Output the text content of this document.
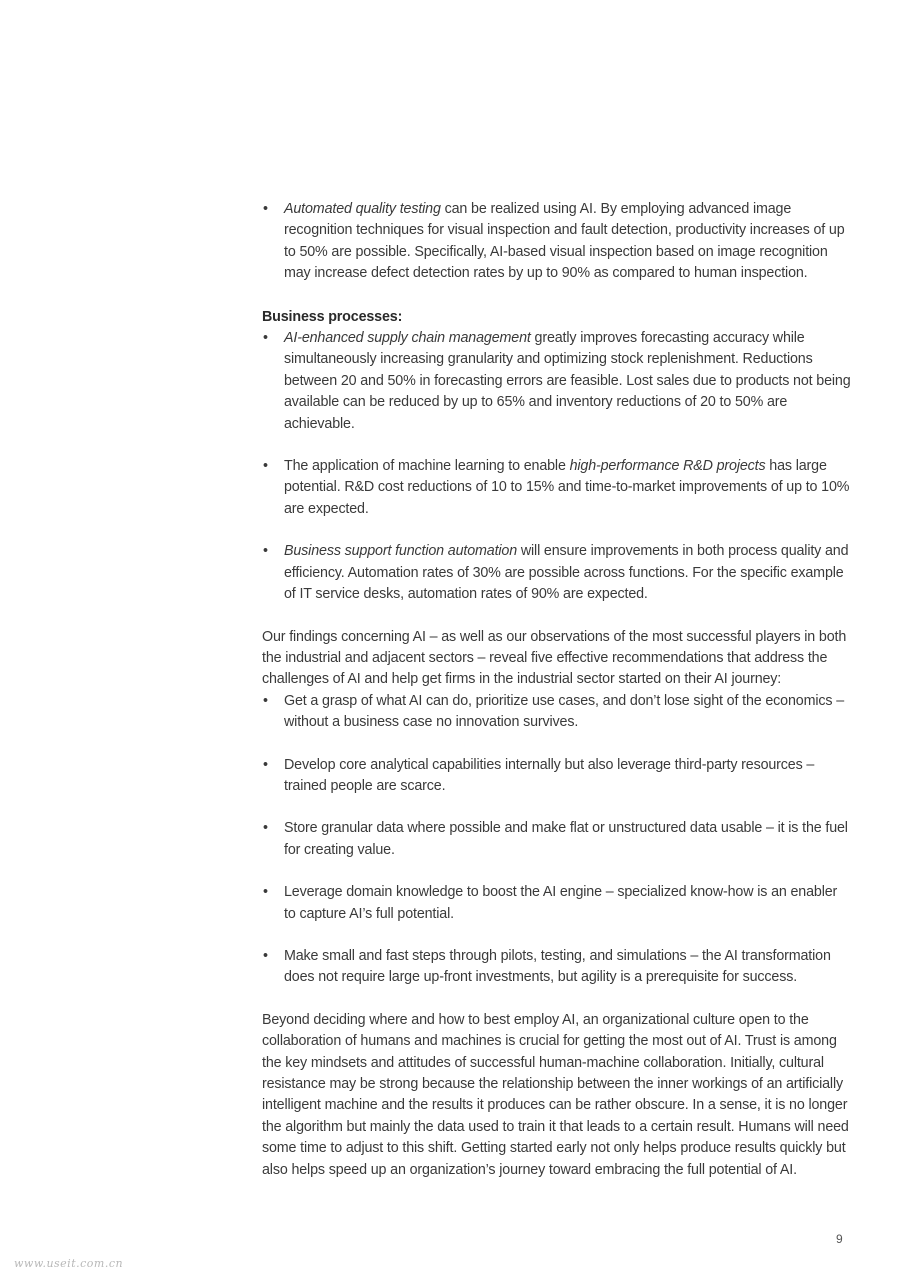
• Automated quality testing can be realized using AI. By employing advanced image recognition techniques for visual inspection and fault detection, productivity increases of up to 50% are possible. Specifically, AI-based visual inspection based on image recognition may increase defect detection rates by up to 90% as compared to human inspection.

Business processes:

• AI-enhanced supply chain management greatly improves forecasting accuracy while simultaneously increasing granularity and optimizing stock replenishment. Reductions between 20 and 50% in forecasting errors are feasible. Lost sales due to products not being available can be reduced by up to 65% and inventory reductions of 20 to 50% are achievable.
• The application of machine learning to enable high-performance R&D projects has large potential. R&D cost reductions of 10 to 15% and time-to-market improvements of up to 10% are expected.
• Business support function automation will ensure improvements in both process quality and efficiency. Automation rates of 30% are possible across functions. For the specific example of IT service desks, automation rates of 90% are expected.

Our findings concerning AI – as well as our observations of the most successful players in both the industrial and adjacent sectors – reveal five effective recommendations that address the challenges of AI and help get firms in the industrial sector started on their AI journey:

• Get a grasp of what AI can do, prioritize use cases, and don’t lose sight of the economics – without a business case no innovation survives.
• Develop core analytical capabilities internally but also leverage third-party resources – trained people are scarce.
• Store granular data where possible and make flat or unstructured data usable – it is the fuel for creating value.
• Leverage domain knowledge to boost the AI engine – specialized know-how is an enabler to capture AI’s full potential.
• Make small and fast steps through pilots, testing, and simulations – the AI transformation does not require large up-front investments, but agility is a prerequisite for success.

Beyond deciding where and how to best employ AI, an organizational culture open to the collaboration of humans and machines is crucial for getting the most out of AI. Trust is among the key mindsets and attitudes of successful human-machine collaboration. Initially, cultural resistance may be strong because the relationship between the inner workings of an artificially intelligent machine and the results it produces can be rather obscure. In a sense, it is no longer the algorithm but mainly the data used to train it that leads to a certain result. Humans will need some time to adjust to this shift. Getting started early not only helps produce results quickly but also helps speed up an organization’s journey toward embracing the full potential of AI.

9
www.useit.com.cn
